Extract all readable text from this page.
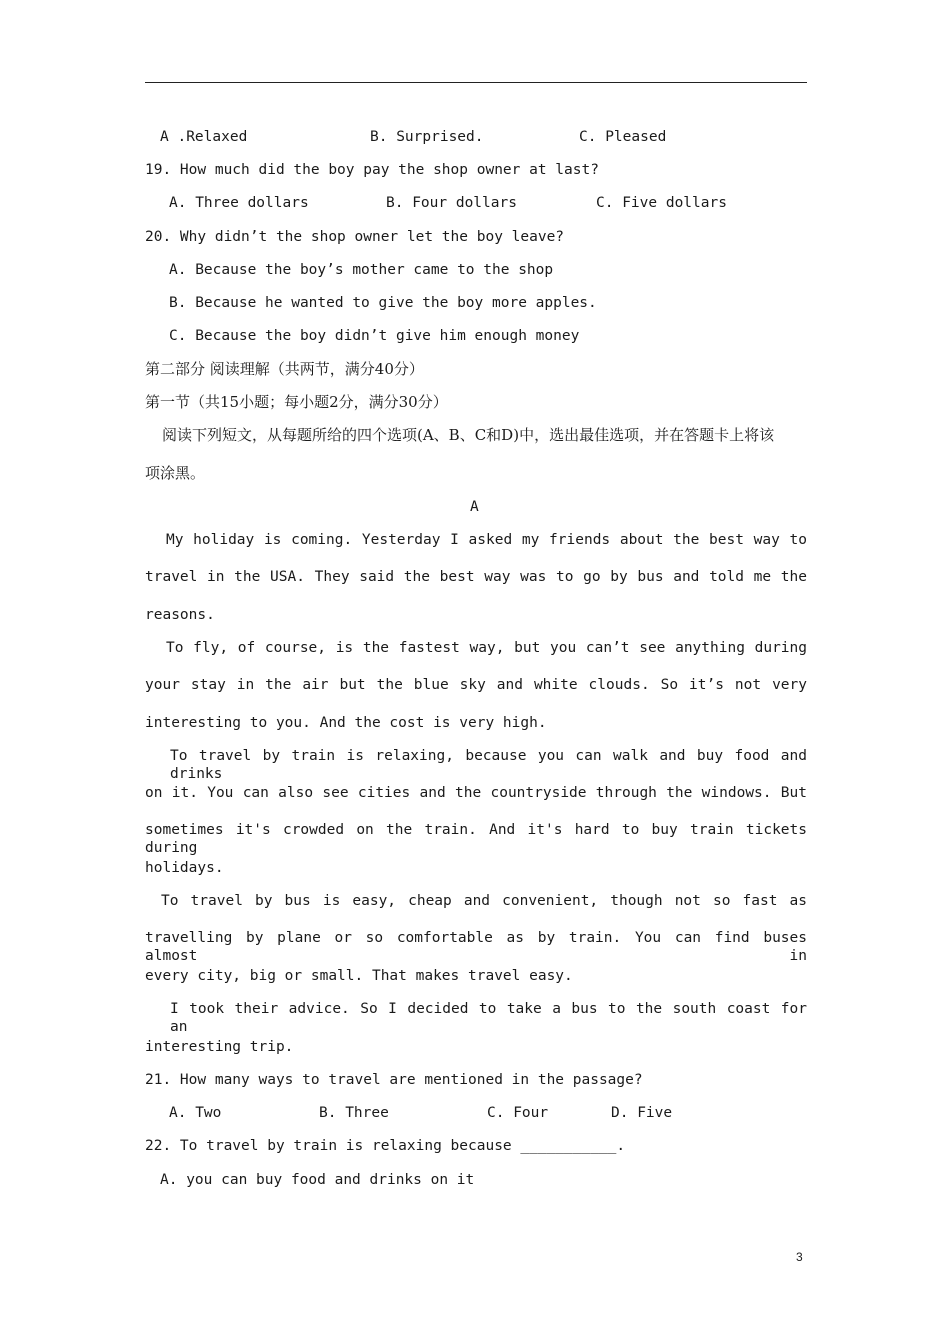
A .Relaxed	B. Surprised.	C. Pleased
19. How much did the boy pay the shop owner at last?
A. Three dollars	B. Four dollars	C. Five dollars
20. Why didn’t the shop owner let the boy leave?
A. Because the boy’s mother came to the shop
B. Because he wanted to give the boy more apples.
C. Because the boy didn’t give him enough money
第二部分 阅读理解（共两节，满分40分）
第一节（共15小题；每小题2分，满分30分）
阅读下列短文，从每题所给的四个选项(A、B、C和D)中，选出最佳选项，并在答题卡上将该
项涂黑。
A
My holiday is coming. Yesterday I asked my friends about the best way to
travel in the USA. They said the best way was to go by bus and told me the
reasons.
To fly, of course, is the fastest way, but you can’t see anything during
your stay in the air but the blue sky and white clouds. So it’s not very
interesting to you. And the cost is very high.
To travel by train is relaxing, because you can walk and buy food and drinks
on it. You can also see cities and the countryside through the windows. But
sometimes it's crowded on the train. And it's hard to buy train tickets during
holidays.
To travel by bus is easy, cheap and convenient, though not so fast as
travelling by plane or so comfortable as by train. You can find buses almost in
every city, big or small. That makes travel easy.
I took their advice. So I decided to take a bus to the south coast for an
interesting trip.
21. How many ways to travel are mentioned in the passage?
A. Two	B. Three	C. Four	D. Five
22. To travel by train is relaxing because ___________.
A. you can buy food and drinks on it
3
